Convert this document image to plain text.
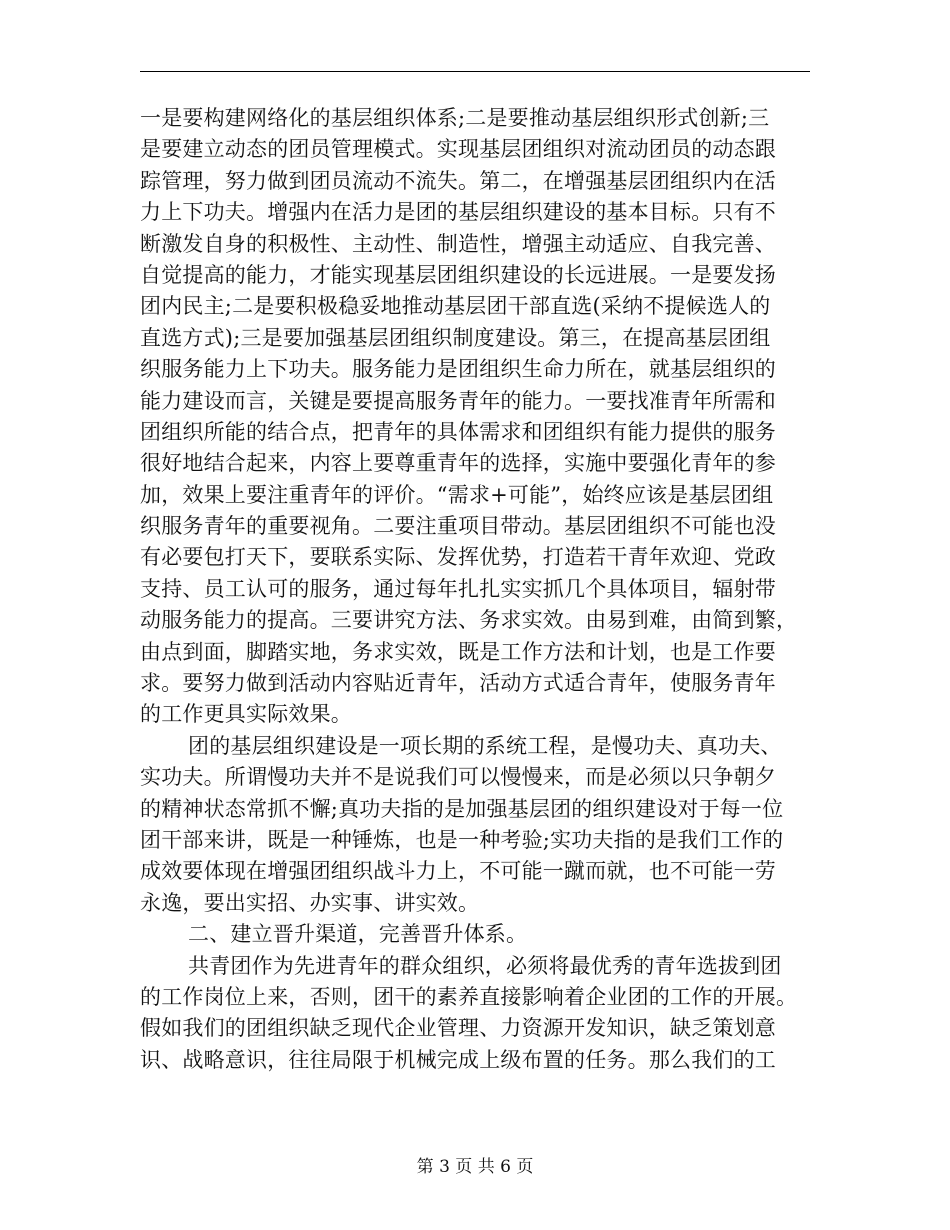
一是要构建网络化的基层组织体系;二是要推动基层组织形式创新;三
是要建立动态的团员管理模式。实现基层团组织对流动团员的动态跟
踪管理，努力做到团员流动不流失。第二，在增强基层团组织内在活
力上下功夫。增强内在活力是团的基层组织建设的基本目标。只有不
断激发自身的积极性、主动性、制造性，增强主动适应、自我完善、
自觉提高的能力，才能实现基层团组织建设的长远进展。一是要发扬
团内民主;二是要积极稳妥地推动基层团干部直选(采纳不提候选人的
直选方式);三是要加强基层团组织制度建设。第三，在提高基层团组
织服务能力上下功夫。服务能力是团组织生命力所在，就基层组织的
能力建设而言，关键是要提高服务青年的能力。一要找准青年所需和
团组织所能的结合点，把青年的具体需求和团组织有能力提供的服务
很好地结合起来，内容上要尊重青年的选择，实施中要强化青年的参
加，效果上要注重青年的评价。“需求+可能”，始终应该是基层团组
织服务青年的重要视角。二要注重项目带动。基层团组织不可能也没
有必要包打天下，要联系实际、发挥优势，打造若干青年欢迎、党政
支持、员工认可的服务，通过每年扎扎实实抓几个具体项目，辐射带
动服务能力的提高。三要讲究方法、务求实效。由易到难，由简到繁，
由点到面，脚踏实地，务求实效，既是工作方法和计划，也是工作要
求。要努力做到活动内容贴近青年，活动方式适合青年，使服务青年
的工作更具实际效果。
团的基层组织建设是一项长期的系统工程，是慢功夫、真功夫、
实功夫。所谓慢功夫并不是说我们可以慢慢来，而是必须以只争朝夕
的精神状态常抓不懈;真功夫指的是加强基层团的组织建设对于每一位
团干部来讲，既是一种锤炼，也是一种考验;实功夫指的是我们工作的
成效要体现在增强团组织战斗力上，不可能一蹴而就，也不可能一劳
永逸，要出实招、办实事、讲实效。
二、建立晋升渠道，完善晋升体系。
共青团作为先进青年的群众组织，必须将最优秀的青年选拔到团
的工作岗位上来，否则，团干的素养直接影响着企业团的工作的开展。
假如我们的团组织缺乏现代企业管理、力资源开发知识，缺乏策划意
识、战略意识，往往局限于机械完成上级布置的任务。那么我们的工
第 3 页 共 6 页
